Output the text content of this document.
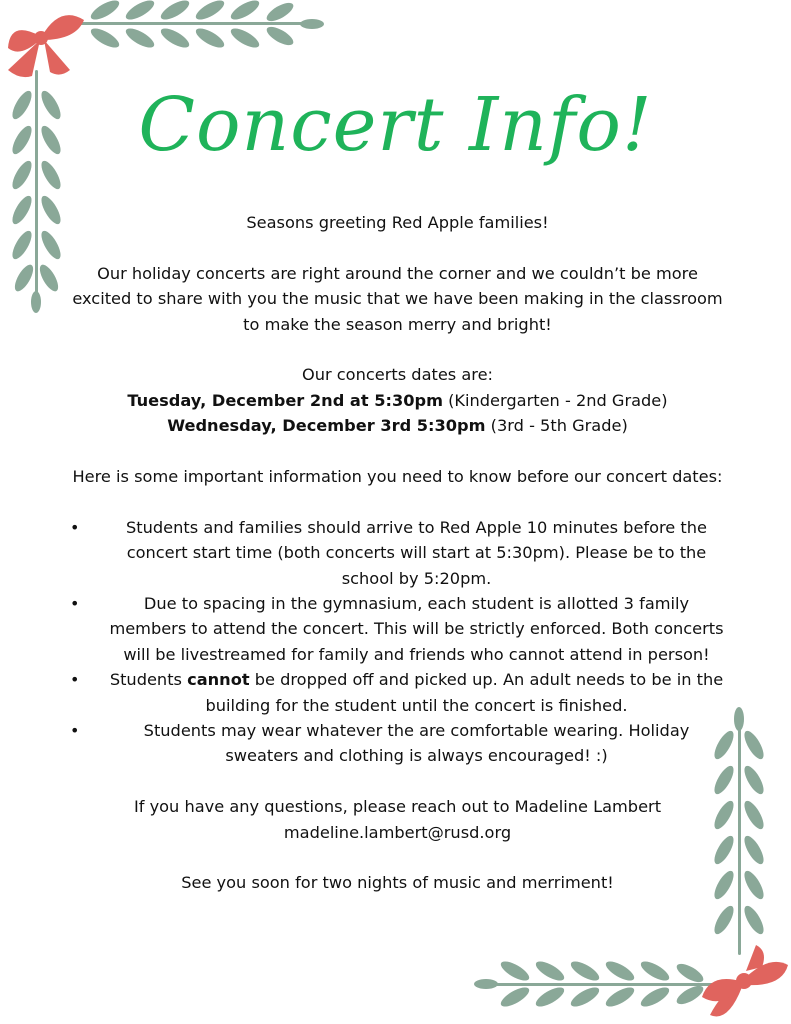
Concert Info!

Seasons greeting Red Apple families!

Our holiday concerts are right around the corner and we couldn’t be more excited to share with you the music that we have been making in the classroom to make the season merry and bright!

Our concerts dates are:

Tuesday, December 2nd at 5:30pm (Kindergarten - 2nd Grade)

Wednesday, December 3rd 5:30pm (3rd - 5th Grade)

Here is some important information you need to know before our concert dates:

• Students and families should arrive to Red Apple 10 minutes before the concert start time (both concerts will start at 5:30pm). Please be to the school by 5:20pm.
• Due to spacing in the gymnasium, each student is allotted 3 family members to attend the concert. This will be strictly enforced. Both concerts will be livestreamed for family and friends who cannot attend in person!
• Students cannot be dropped off and picked up. An adult needs to be in the building for the student until the concert is finished.
• Students may wear whatever the are comfortable wearing. Holiday sweaters and clothing is always encouraged! :)

If you have any questions, please reach out to Madeline Lambert

madeline.lambert@rusd.org

See you soon for two nights of music and merriment!
